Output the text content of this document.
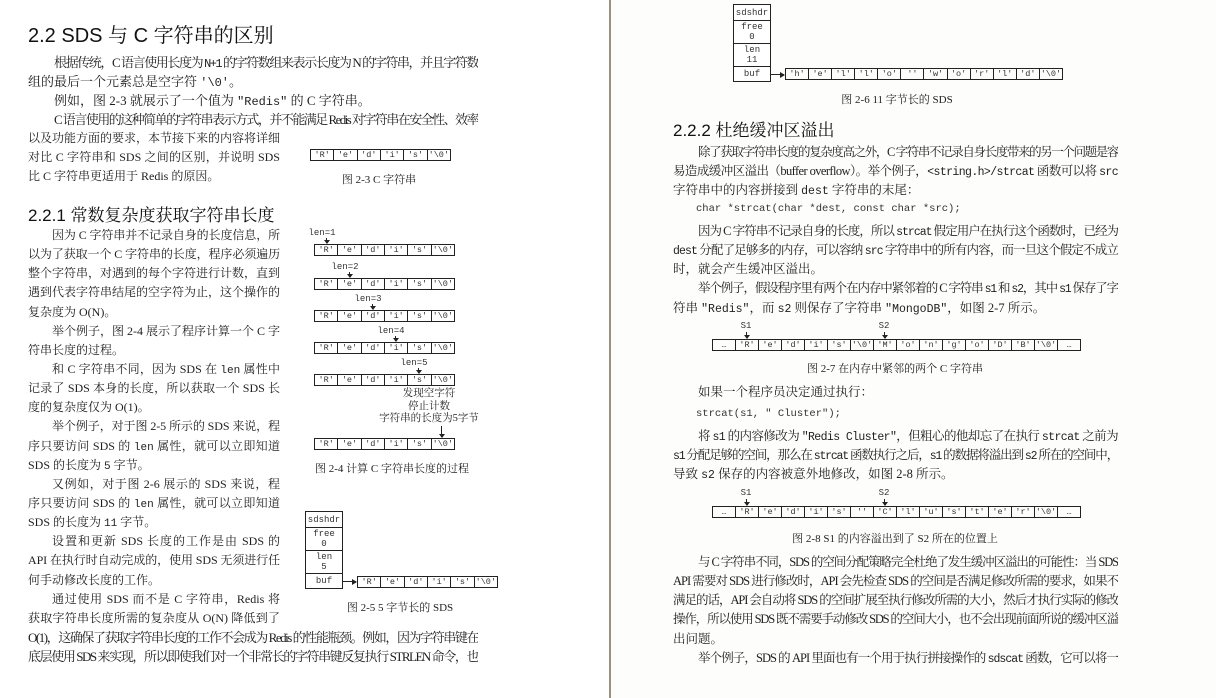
2.2 SDS 与 C 字符串的区别
根据传统，C 语言使用长度为 N+1 的字符数组来表示长度为 N 的字符串，并且字符数
组的最后一个元素总是空字符 '\0'。
例如，图 2-3 就展示了一个值为 "Redis" 的 C 字符串。
C 语言使用的这种简单的字符串表示方式，并不能满足 Redis 对字符串在安全性、效率
以及功能方面的要求，本节接下来的内容将详细
对比 C 字符串和 SDS 之间的区别，并说明 SDS
比 C 字符串更适用于 Redis 的原因。
'R' 'e' 'd' 'i' 's' '\0'
图 2-3 C 字符串
2.2.1 常数复杂度获取字符串长度
因为 C 字符串并不记录自身的长度信息，所
以为了获取一个 C 字符串的长度，程序必须遍历
整个字符串，对遇到的每个字符进行计数，直到
遇到代表字符串结尾的空字符为止，这个操作的
复杂度为 O(N)。
举个例子，图 2-4 展示了程序计算一个 C 字
符串长度的过程。
和 C 字符串不同，因为 SDS 在 len 属性中
记录了 SDS 本身的长度，所以获取一个 SDS 长
度的复杂度仅为 O(1)。
举个例子，对于图 2-5 所示的 SDS 来说，程
序只要访问 SDS 的 len 属性，就可以立即知道
SDS 的长度为 5 字节。
又例如，对于图 2-6 展示的 SDS 来说，程
序只要访问 SDS 的 len 属性，就可以立即知道
SDS 的长度为 11 字节。
设置和更新 SDS 长度的工作是由 SDS 的
API 在执行时自动完成的，使用 SDS 无须进行任
何手动修改长度的工作。
通过使用 SDS 而不是 C 字符串，Redis 将
获取字符串长度所需的复杂度从 O(N) 降低到了
O(1)，这确保了获取字符串长度的工作不会成为 Redis 的性能瓶颈。例如，因为字符串键在
底层使用 SDS 来实现，所以即使我们对一个非常长的字符串键反复执行 STRLEN 命令，也
发现空字符
停止计数
字符串的长度为5字节
图 2-4 计算 C 字符串长度的过程
'R' 'e' 'd' 'i' 's' '\0'
len=1
'R' 'e' 'd' 'i' 's' '\0'
len=2
'R' 'e' 'd' 'i' 's' '\0'
len=3
'R' 'e' 'd' 'i' 's' '\0'
len=4
'R' 'e' 'd' 'i' 's' '\0'
len=5
'R' 'e' 'd' 'i' 's' '\0'
sdshdr
free
0
len
5
buf	'R' 'e' 'd' 'i' 's' '\0'
图 2-5 5 字节长的 SDS
sdshdr
free
0
len
11
buf	'h' 'e' 'l' 'l' 'o'	''	'w' 'o' 'r' 'l' 'd' '\0'
图 2-6 11 字节长的 SDS
2.2.2 杜绝缓冲区溢出
除了获取字符串长度的复杂度高之外，C 字符串不记录自身长度带来的另一个问题是容
易造成缓冲区溢出（buffer overflow）。举个例子，<string.h>/strcat 函数可以将 src
字符串中的内容拼接到 dest 字符串的末尾：
char *strcat(char *dest, const char *src);
因为 C 字符串不记录自身的长度，所以 strcat 假定用户在执行这个函数时，已经为
dest 分配了足够多的内存，可以容纳 src 字符串中的所有内容，而一旦这个假定不成立
时，就会产生缓冲区溢出。
举个例子，假设程序里有两个在内存中紧邻着的 C 字符串 s1 和 s2，其中 s1 保存了字
符串 "Redis"，而 s2 则保存了字符串 "MongoDB"，如图 2-7 所示。
S1	S2
…	'R' 'e' 'd' 'i' 's' '\0' 'M' 'o' 'n' 'g' 'o' 'D' 'B' '\0'	…
图 2-7 在内存中紧邻的两个 C 字符串
如果一个程序员决定通过执行：
strcat(s1, " Cluster");
将 s1 的内容修改为 "Redis Cluster"，但粗心的他却忘了在执行 strcat 之前为
s1 分配足够的空间，那么在 strcat 函数执行之后，s1 的数据将溢出到 s2 所在的空间中，
导致 s2 保存的内容被意外地修改，如图 2-8 所示。
S1	S2
…	'R' 'e' 'd' 'i' 's'	''	'C' 'l' 'u' 's' 't' 'e' 'r' '\0'	…
图 2-8 S1 的内容溢出到了 S2 所在的位置上
与 C 字符串不同，SDS 的空间分配策略完全杜绝了发生缓冲区溢出的可能性：当 SDS
API 需要对 SDS 进行修改时，API 会先检查 SDS 的空间是否满足修改所需的要求，如果不
满足的话，API 会自动将 SDS 的空间扩展至执行修改所需的大小，然后才执行实际的修改
操作，所以使用 SDS 既不需要手动修改 SDS 的空间大小，也不会出现前面所说的缓冲区溢
出问题。
举个例子，SDS 的 API 里面也有一个用于执行拼接操作的 sdscat 函数，它可以将一
